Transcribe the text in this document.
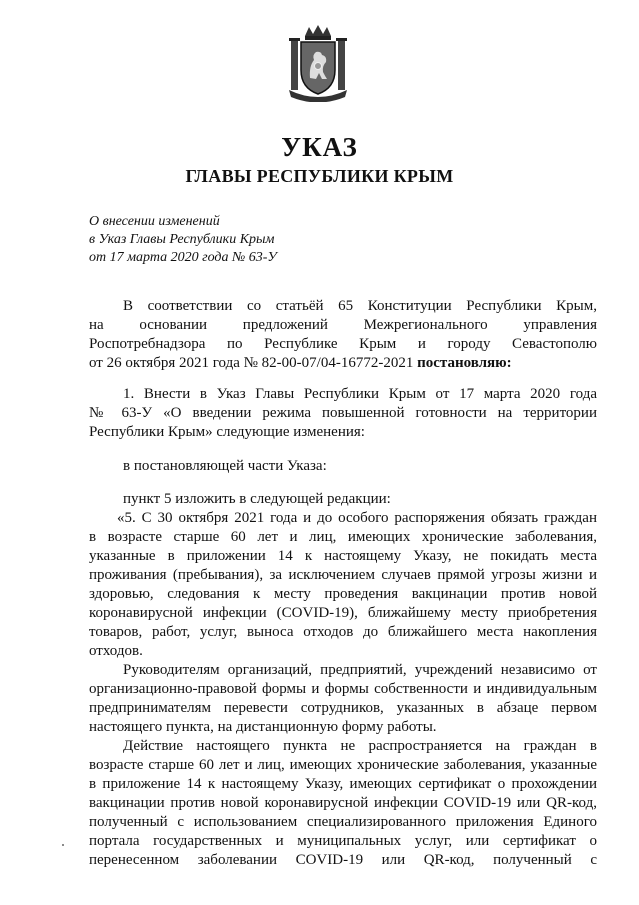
УКАЗ
ГЛАВЫ РЕСПУБЛИКИ КРЫМ
О внесении изменений
в Указ Главы Республики Крым
от 17 марта 2020 года № 63-У
В соответствии со статьёй 65 Конституции Республики Крым,
на основании предложений Межрегионального управления
Роспотребнадзора по Республике Крым и городу Севастополю
от 26 октября 2021 года № 82-00-07/04-16772-2021 постановляю:
1. Внести в Указ Главы Республики Крым от 17 марта 2020 года
№ 63-У «О введении режима повышенной готовности на территории
Республики Крым» следующие изменения:
в постановляющей части Указа:
пункт 5 изложить в следующей редакции:
«5. С 30 октября 2021 года и до особого распоряжения обязать граждан
в возрасте старше 60 лет и лиц, имеющих хронические заболевания,
указанные в приложении 14 к настоящему Указу, не покидать места
проживания (пребывания), за исключением случаев прямой угрозы жизни и
здоровью, следования к месту проведения вакцинации против новой
коронавирусной инфекции (COVID-19), ближайшему месту приобретения
товаров, работ, услуг, выноса отходов до ближайшего места накопления
отходов.
Руководителям организаций, предприятий, учреждений независимо от
организационно-правовой формы и формы собственности и индивидуальным
предпринимателям перевести сотрудников, указанных в абзаце первом
настоящего пункта, на дистанционную форму работы.
Действие настоящего пункта не распространяется на граждан в
возрасте старше 60 лет и лиц, имеющих хронические заболевания, указанные
в приложение 14 к настоящему Указу, имеющих сертификат о прохождении
вакцинации против новой коронавирусной инфекции COVID-19 или QR-код,
полученный с использованием специализированного приложения Единого
портала государственных и муниципальных услуг, или сертификат о
перенесенном заболевании COVID-19 или QR-код, полученный с
